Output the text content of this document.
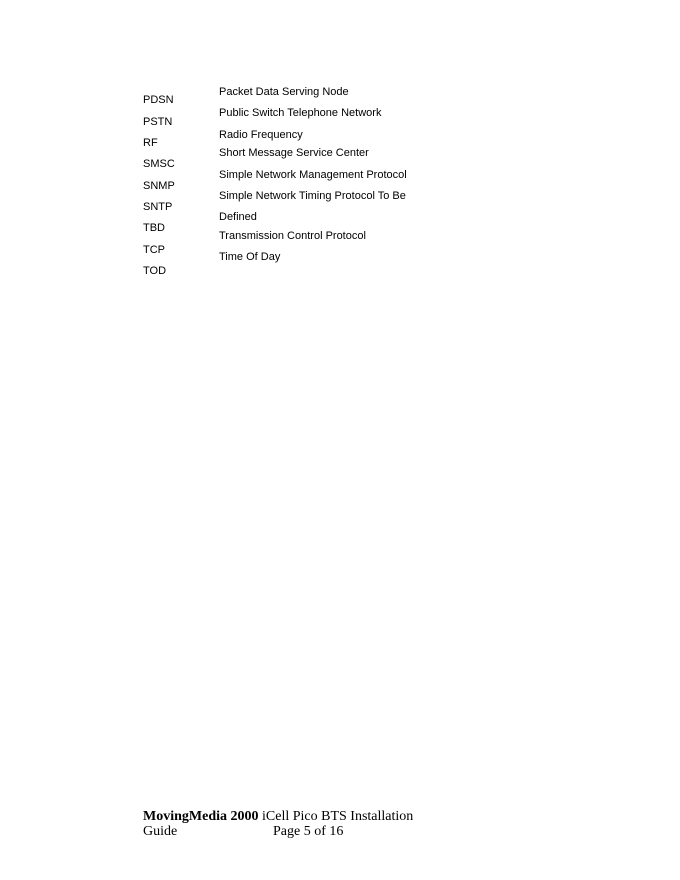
PDSN
PSTN
RF
SMSC
SNMP
SNTP
TBD
TCP
TOD
Packet Data Serving Node
Public Switch Telephone Network
Radio Frequency
Short Message Service Center
Simple Network Management Protocol
Simple Network Timing Protocol To Be
Defined
Transmission Control Protocol
Time Of Day
MovingMedia 2000 iCell Pico BTS Installation
Guide	Page 5 of 16
